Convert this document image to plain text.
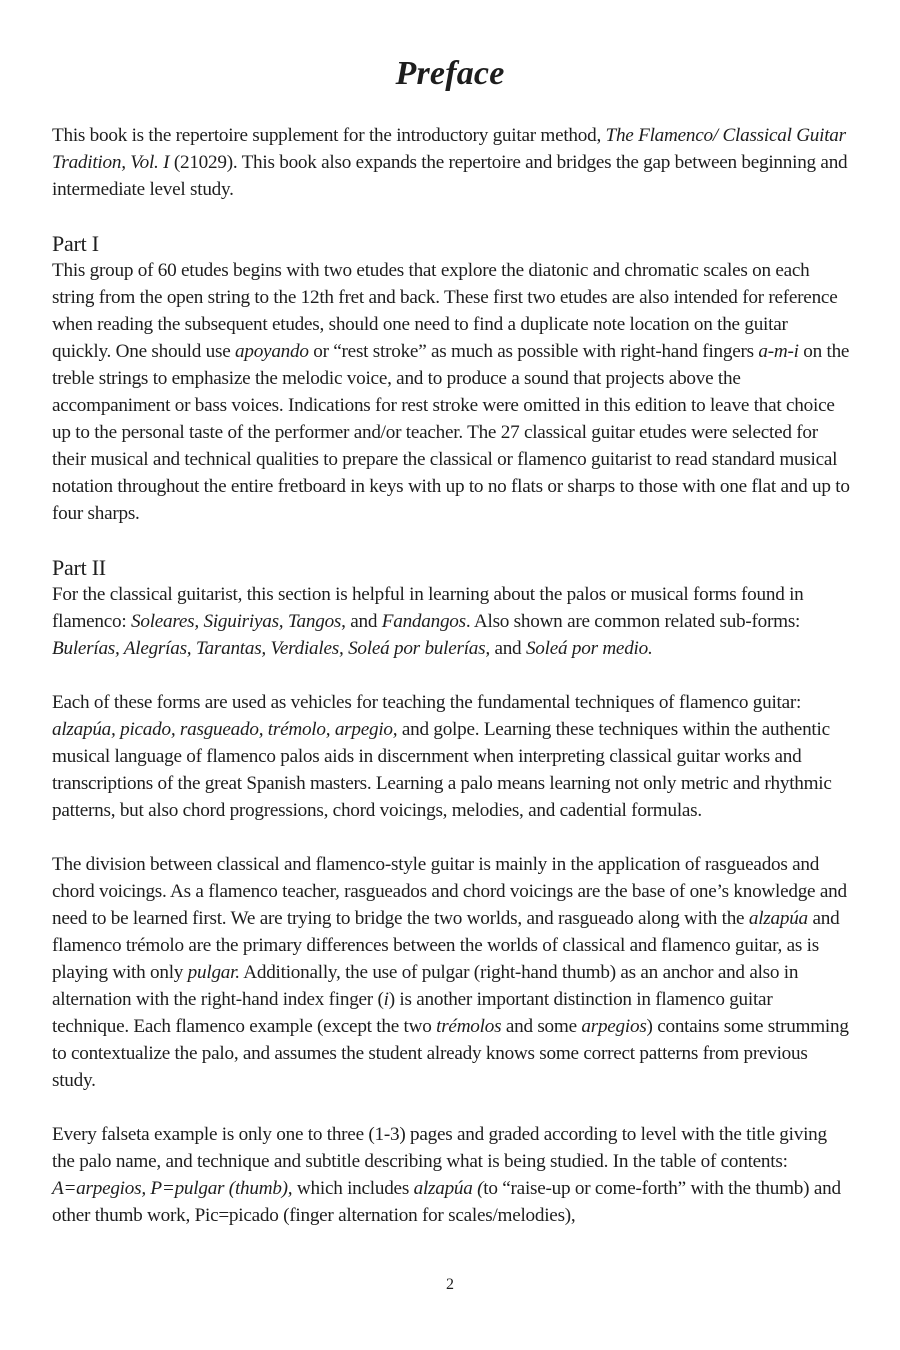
Preface

This book is the repertoire supplement for the introductory guitar method, The Flamenco/ Classical Guitar Tradition, Vol. I (21029). This book also expands the repertoire and bridges the gap between beginning and intermediate level study.

Part I

This group of 60 etudes begins with two etudes that explore the diatonic and chromatic scales on each string from the open string to the 12th fret and back. These first two etudes are also intended for reference when reading the subsequent etudes, should one need to find a duplicate note location on the guitar quickly. One should use apoyando or “rest stroke” as much as possible with right-hand fingers a-m-i on the treble strings to emphasize the melodic voice, and to produce a sound that projects above the accompaniment or bass voices. Indications for rest stroke were omitted in this edition to leave that choice up to the personal taste of the performer and/or teacher. The 27 classical guitar etudes were selected for their musical and technical qualities to prepare the classical or flamenco guitarist to read standard musical notation throughout the entire fretboard in keys with up to no flats or sharps to those with one flat and up to four sharps.

Part II

For the classical guitarist, this section is helpful in learning about the palos or musical forms found in flamenco: Soleares, Siguiriyas, Tangos, and Fandangos. Also shown are common related sub-forms: Bulerías, Alegrías, Tarantas, Verdiales, Soleá por bulerías, and Soleá por medio.

Each of these forms are used as vehicles for teaching the fundamental techniques of flamenco guitar: alzapúa, picado, rasgueado, trémolo, arpegio, and golpe. Learning these techniques within the authentic musical language of flamenco palos aids in discernment when interpreting classical guitar works and transcriptions of the great Spanish masters. Learning a palo means learning not only metric and rhythmic patterns, but also chord progressions, chord voicings, melodies, and cadential formulas.

The division between classical and flamenco-style guitar is mainly in the application of rasgueados and chord voicings. As a flamenco teacher, rasgueados and chord voicings are the base of one’s knowledge and need to be learned first. We are trying to bridge the two worlds, and rasgueado along with the alzapúa and flamenco trémolo are the primary differences between the worlds of classical and flamenco guitar, as is playing with only pulgar. Additionally, the use of pulgar (right-hand thumb) as an anchor and also in alternation with the right-hand index finger (i) is another important distinction in flamenco guitar technique. Each flamenco example (except the two trémolos and some arpegios) contains some strumming to contextualize the palo, and assumes the student already knows some correct patterns from previous study.

Every falseta example is only one to three (1-3) pages and graded according to level with the title giving the palo name, and technique and subtitle describing what is being studied. In the table of contents: A=arpegios, P=pulgar (thumb), which includes alzapúa (to “raise-up or come-forth” with the thumb) and other thumb work, Pic=picado (finger alternation for scales/melodies),

2
